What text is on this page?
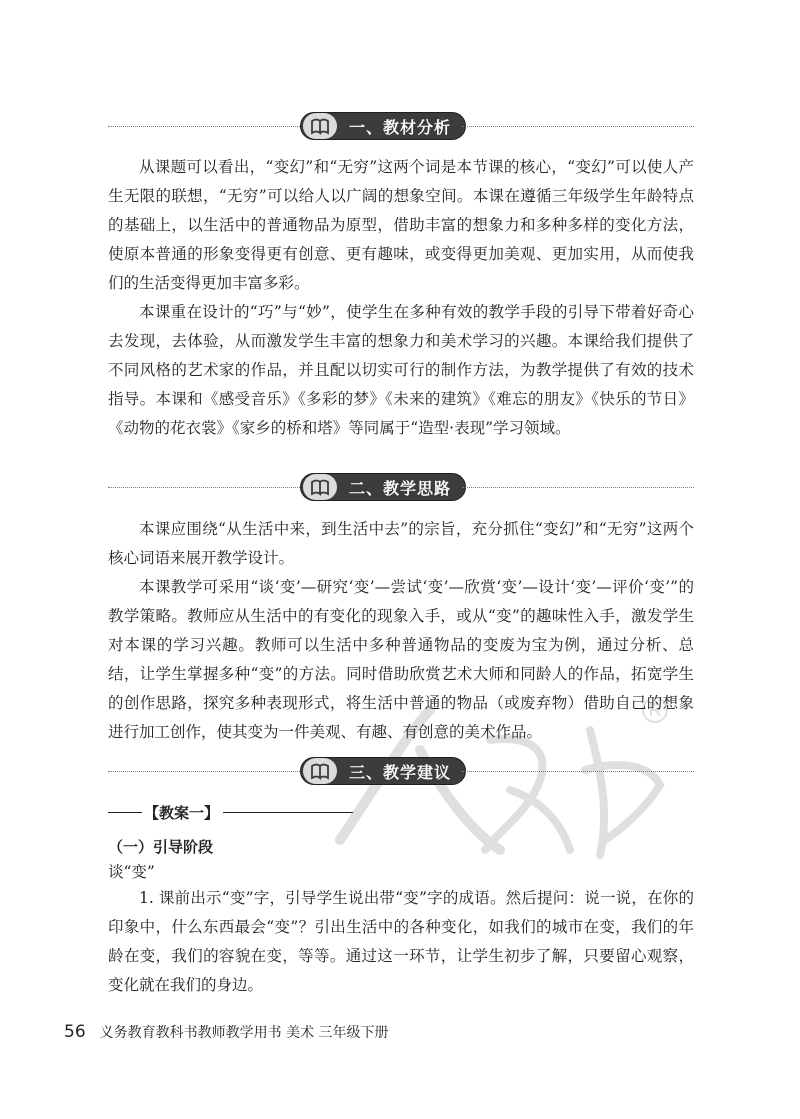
一、教材分析

从课题可以看出，“变幻”和“无穷”这两个词是本节课的核心，“变幻”可以使人产生无限的联想，“无穷”可以给人以广阔的想象空间。本课在遵循三年级学生年龄特点的基础上，以生活中的普通物品为原型，借助丰富的想象力和多种多样的变化方法，使原本普通的形象变得更有创意、更有趣味，或变得更加美观、更加实用，从而使我们的生活变得更加丰富多彩。

本课重在设计的“巧”与“妙”，使学生在多种有效的教学手段的引导下带着好奇心去发现，去体验，从而激发学生丰富的想象力和美术学习的兴趣。本课给我们提供了不同风格的艺术家的作品，并且配以切实可行的制作方法，为教学提供了有效的技术指导。本课和《感受音乐》《多彩的梦》《未来的建筑》《难忘的朋友》《快乐的节日》《动物的花衣裳》《家乡的桥和塔》等同属于“造型·表现”学习领域。

二、教学思路

本课应围绕“从生活中来，到生活中去”的宗旨，充分抓住“变幻”和“无穷”这两个核心词语来展开教学设计。

本课教学可采用“谈‘变’—研究‘变’—尝试‘变’—欣赏‘变’—设计‘变’—评价‘变’”的教学策略。教师应从生活中的有变化的现象入手，或从“变”的趣味性入手，激发学生对本课的学习兴趣。教师可以生活中多种普通物品的变废为宝为例，通过分析、总结，让学生掌握多种“变”的方法。同时借助欣赏艺术大师和同龄人的作品，拓宽学生的创作思路，探究多种表现形式，将生活中普通的物品（或废弃物）借助自己的想象进行加工创作，使其变为一件美观、有趣、有创意的美术作品。

三、教学建议
【教案一】
（一）引导阶段

谈“变”

1. 课前出示“变”字，引导学生说出带“变”字的成语。然后提问：说一说，在你的印象中，什么东西最会“变”？引出生活中的各种变化，如我们的城市在变，我们的年龄在变，我们的容貌在变，等等。通过这一环节，让学生初步了解，只要留心观察，变化就在我们的身边。

56 义务教育教科书教师教学用书 美术 三年级下册
